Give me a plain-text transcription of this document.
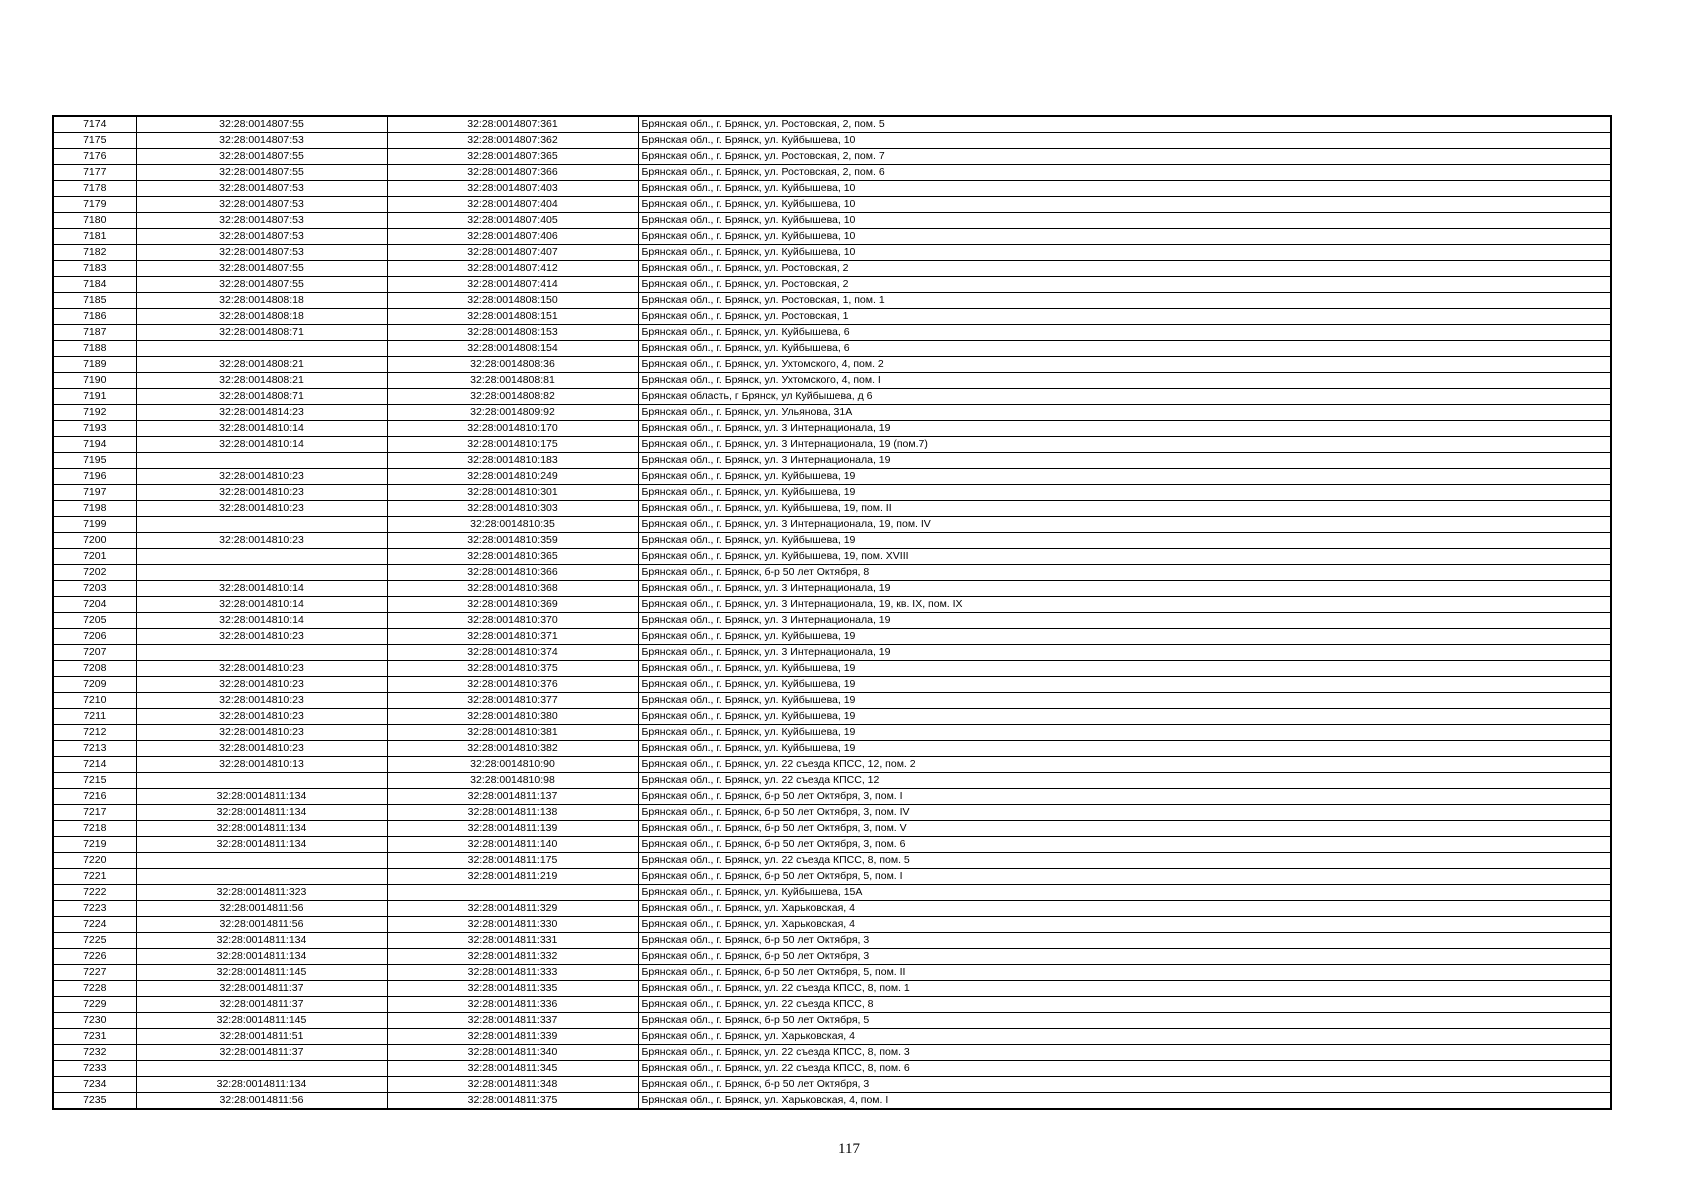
7174	32:28:0014807:55	32:28:0014807:361	Брянская обл., г. Брянск, ул. Ростовская, 2, пом. 5
7175	32:28:0014807:53	32:28:0014807:362	Брянская обл., г. Брянск, ул. Куйбышева, 10
7176	32:28:0014807:55	32:28:0014807:365	Брянская обл., г. Брянск, ул. Ростовская, 2, пом. 7
7177	32:28:0014807:55	32:28:0014807:366	Брянская обл., г. Брянск, ул. Ростовская, 2, пом. 6
7178	32:28:0014807:53	32:28:0014807:403	Брянская обл., г. Брянск, ул. Куйбышева, 10
7179	32:28:0014807:53	32:28:0014807:404	Брянская обл., г. Брянск, ул. Куйбышева, 10
7180	32:28:0014807:53	32:28:0014807:405	Брянская обл., г. Брянск, ул. Куйбышева, 10
7181	32:28:0014807:53	32:28:0014807:406	Брянская обл., г. Брянск, ул. Куйбышева, 10
7182	32:28:0014807:53	32:28:0014807:407	Брянская обл., г. Брянск, ул. Куйбышева, 10
7183	32:28:0014807:55	32:28:0014807:412	Брянская обл., г. Брянск, ул. Ростовская, 2
7184	32:28:0014807:55	32:28:0014807:414	Брянская обл., г. Брянск, ул. Ростовская, 2
7185	32:28:0014808:18	32:28:0014808:150	Брянская обл., г. Брянск, ул. Ростовская, 1, пом. 1
7186	32:28:0014808:18	32:28:0014808:151	Брянская обл., г. Брянск, ул. Ростовская, 1
7187	32:28:0014808:71	32:28:0014808:153	Брянская обл., г. Брянск, ул. Куйбышева, 6
7188		32:28:0014808:154	Брянская обл., г. Брянск, ул. Куйбышева, 6
7189	32:28:0014808:21	32:28:0014808:36	Брянская обл., г. Брянск, ул. Ухтомского, 4, пом. 2
7190	32:28:0014808:21	32:28:0014808:81	Брянская обл., г. Брянск, ул. Ухтомского, 4, пом. I
7191	32:28:0014808:71	32:28:0014808:82	Брянская область, г Брянск, ул Куйбышева, д 6
7192	32:28:0014814:23	32:28:0014809:92	Брянская обл., г. Брянск, ул. Ульянова, 31А
7193	32:28:0014810:14	32:28:0014810:170	Брянская обл., г. Брянск, ул. 3 Интернационала, 19
7194	32:28:0014810:14	32:28:0014810:175	Брянская обл., г. Брянск, ул. 3 Интернационала, 19 (пом.7)
7195		32:28:0014810:183	Брянская обл., г. Брянск, ул. 3 Интернационала, 19
7196	32:28:0014810:23	32:28:0014810:249	Брянская обл., г. Брянск, ул. Куйбышева, 19
7197	32:28:0014810:23	32:28:0014810:301	Брянская обл., г. Брянск, ул. Куйбышева, 19
7198	32:28:0014810:23	32:28:0014810:303	Брянская обл., г. Брянск, ул. Куйбышева, 19, пом. II
7199		32:28:0014810:35	Брянская обл., г. Брянск, ул. 3 Интернационала, 19, пом. IV
7200	32:28:0014810:23	32:28:0014810:359	Брянская обл., г. Брянск, ул. Куйбышева, 19
7201		32:28:0014810:365	Брянская обл., г. Брянск, ул. Куйбышева, 19, пом. XVIII
7202		32:28:0014810:366	Брянская обл., г. Брянск, б-р 50 лет Октября, 8
7203	32:28:0014810:14	32:28:0014810:368	Брянская обл., г. Брянск, ул. 3 Интернационала, 19
7204	32:28:0014810:14	32:28:0014810:369	Брянская обл., г. Брянск, ул. 3 Интернационала, 19, кв. IX, пом. IX
7205	32:28:0014810:14	32:28:0014810:370	Брянская обл., г. Брянск, ул. 3 Интернационала, 19
7206	32:28:0014810:23	32:28:0014810:371	Брянская обл., г. Брянск, ул. Куйбышева, 19
7207		32:28:0014810:374	Брянская обл., г. Брянск, ул. 3 Интернационала, 19
7208	32:28:0014810:23	32:28:0014810:375	Брянская обл., г. Брянск, ул. Куйбышева, 19
7209	32:28:0014810:23	32:28:0014810:376	Брянская обл., г. Брянск, ул. Куйбышева, 19
7210	32:28:0014810:23	32:28:0014810:377	Брянская обл., г. Брянск, ул. Куйбышева, 19
7211	32:28:0014810:23	32:28:0014810:380	Брянская обл., г. Брянск, ул. Куйбышева, 19
7212	32:28:0014810:23	32:28:0014810:381	Брянская обл., г. Брянск, ул. Куйбышева, 19
7213	32:28:0014810:23	32:28:0014810:382	Брянская обл., г. Брянск, ул. Куйбышева, 19
7214	32:28:0014810:13	32:28:0014810:90	Брянская обл., г. Брянск, ул. 22 съезда КПСС, 12, пом. 2
7215		32:28:0014810:98	Брянская обл., г. Брянск, ул. 22 съезда КПСС, 12
7216	32:28:0014811:134	32:28:0014811:137	Брянская обл., г. Брянск, б-р 50 лет Октября, 3, пом. I
7217	32:28:0014811:134	32:28:0014811:138	Брянская обл., г. Брянск, б-р 50 лет Октября, 3, пом. IV
7218	32:28:0014811:134	32:28:0014811:139	Брянская обл., г. Брянск, б-р 50 лет Октября, 3, пом. V
7219	32:28:0014811:134	32:28:0014811:140	Брянская обл., г. Брянск, б-р 50 лет Октября, 3, пом. 6
7220		32:28:0014811:175	Брянская обл., г. Брянск, ул. 22 съезда КПСС, 8, пом. 5
7221		32:28:0014811:219	Брянская обл., г. Брянск, б-р 50 лет Октября, 5, пом. I
7222	32:28:0014811:323		Брянская обл., г. Брянск, ул. Куйбышева, 15А
7223	32:28:0014811:56	32:28:0014811:329	Брянская обл., г. Брянск, ул. Харьковская, 4
7224	32:28:0014811:56	32:28:0014811:330	Брянская обл., г. Брянск, ул. Харьковская, 4
7225	32:28:0014811:134	32:28:0014811:331	Брянская обл., г. Брянск, б-р 50 лет Октября, 3
7226	32:28:0014811:134	32:28:0014811:332	Брянская обл., г. Брянск, б-р 50 лет Октября, 3
7227	32:28:0014811:145	32:28:0014811:333	Брянская обл., г. Брянск, б-р 50 лет Октября, 5, пом. II
7228	32:28:0014811:37	32:28:0014811:335	Брянская обл., г. Брянск, ул. 22 съезда КПСС, 8, пом. 1
7229	32:28:0014811:37	32:28:0014811:336	Брянская обл., г. Брянск, ул. 22 съезда КПСС, 8
7230	32:28:0014811:145	32:28:0014811:337	Брянская обл., г. Брянск, б-р 50 лет Октября, 5
7231	32:28:0014811:51	32:28:0014811:339	Брянская обл., г. Брянск, ул. Харьковская, 4
7232	32:28:0014811:37	32:28:0014811:340	Брянская обл., г. Брянск, ул. 22 съезда КПСС, 8, пом. 3
7233		32:28:0014811:345	Брянская обл., г. Брянск, ул. 22 съезда КПСС, 8, пом. 6
7234	32:28:0014811:134	32:28:0014811:348	Брянская обл., г. Брянск, б-р 50 лет Октября, 3
7235	32:28:0014811:56	32:28:0014811:375	Брянская обл., г. Брянск, ул. Харьковская, 4, пом. I
117
